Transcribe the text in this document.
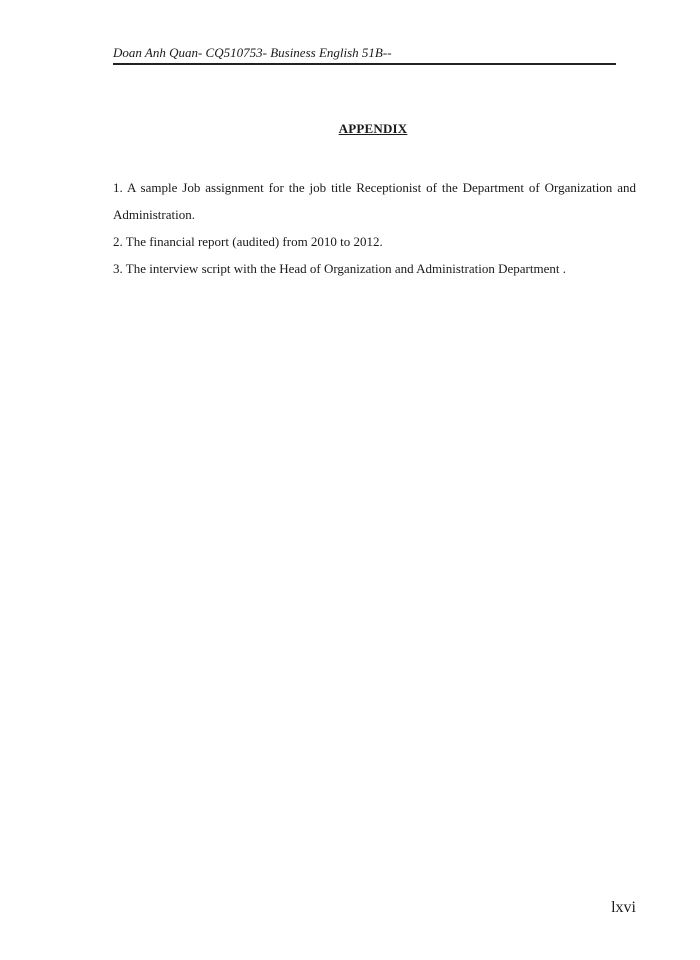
Doan Anh Quan- CQ510753- Business English 51B--
APPENDIX

1. A sample Job assignment for the job title Receptionist of the Department of Organization and Administration.

2. The financial report (audited) from 2010 to 2012.

3. The interview script with the Head of Organization and Administration Department .

lxvi
